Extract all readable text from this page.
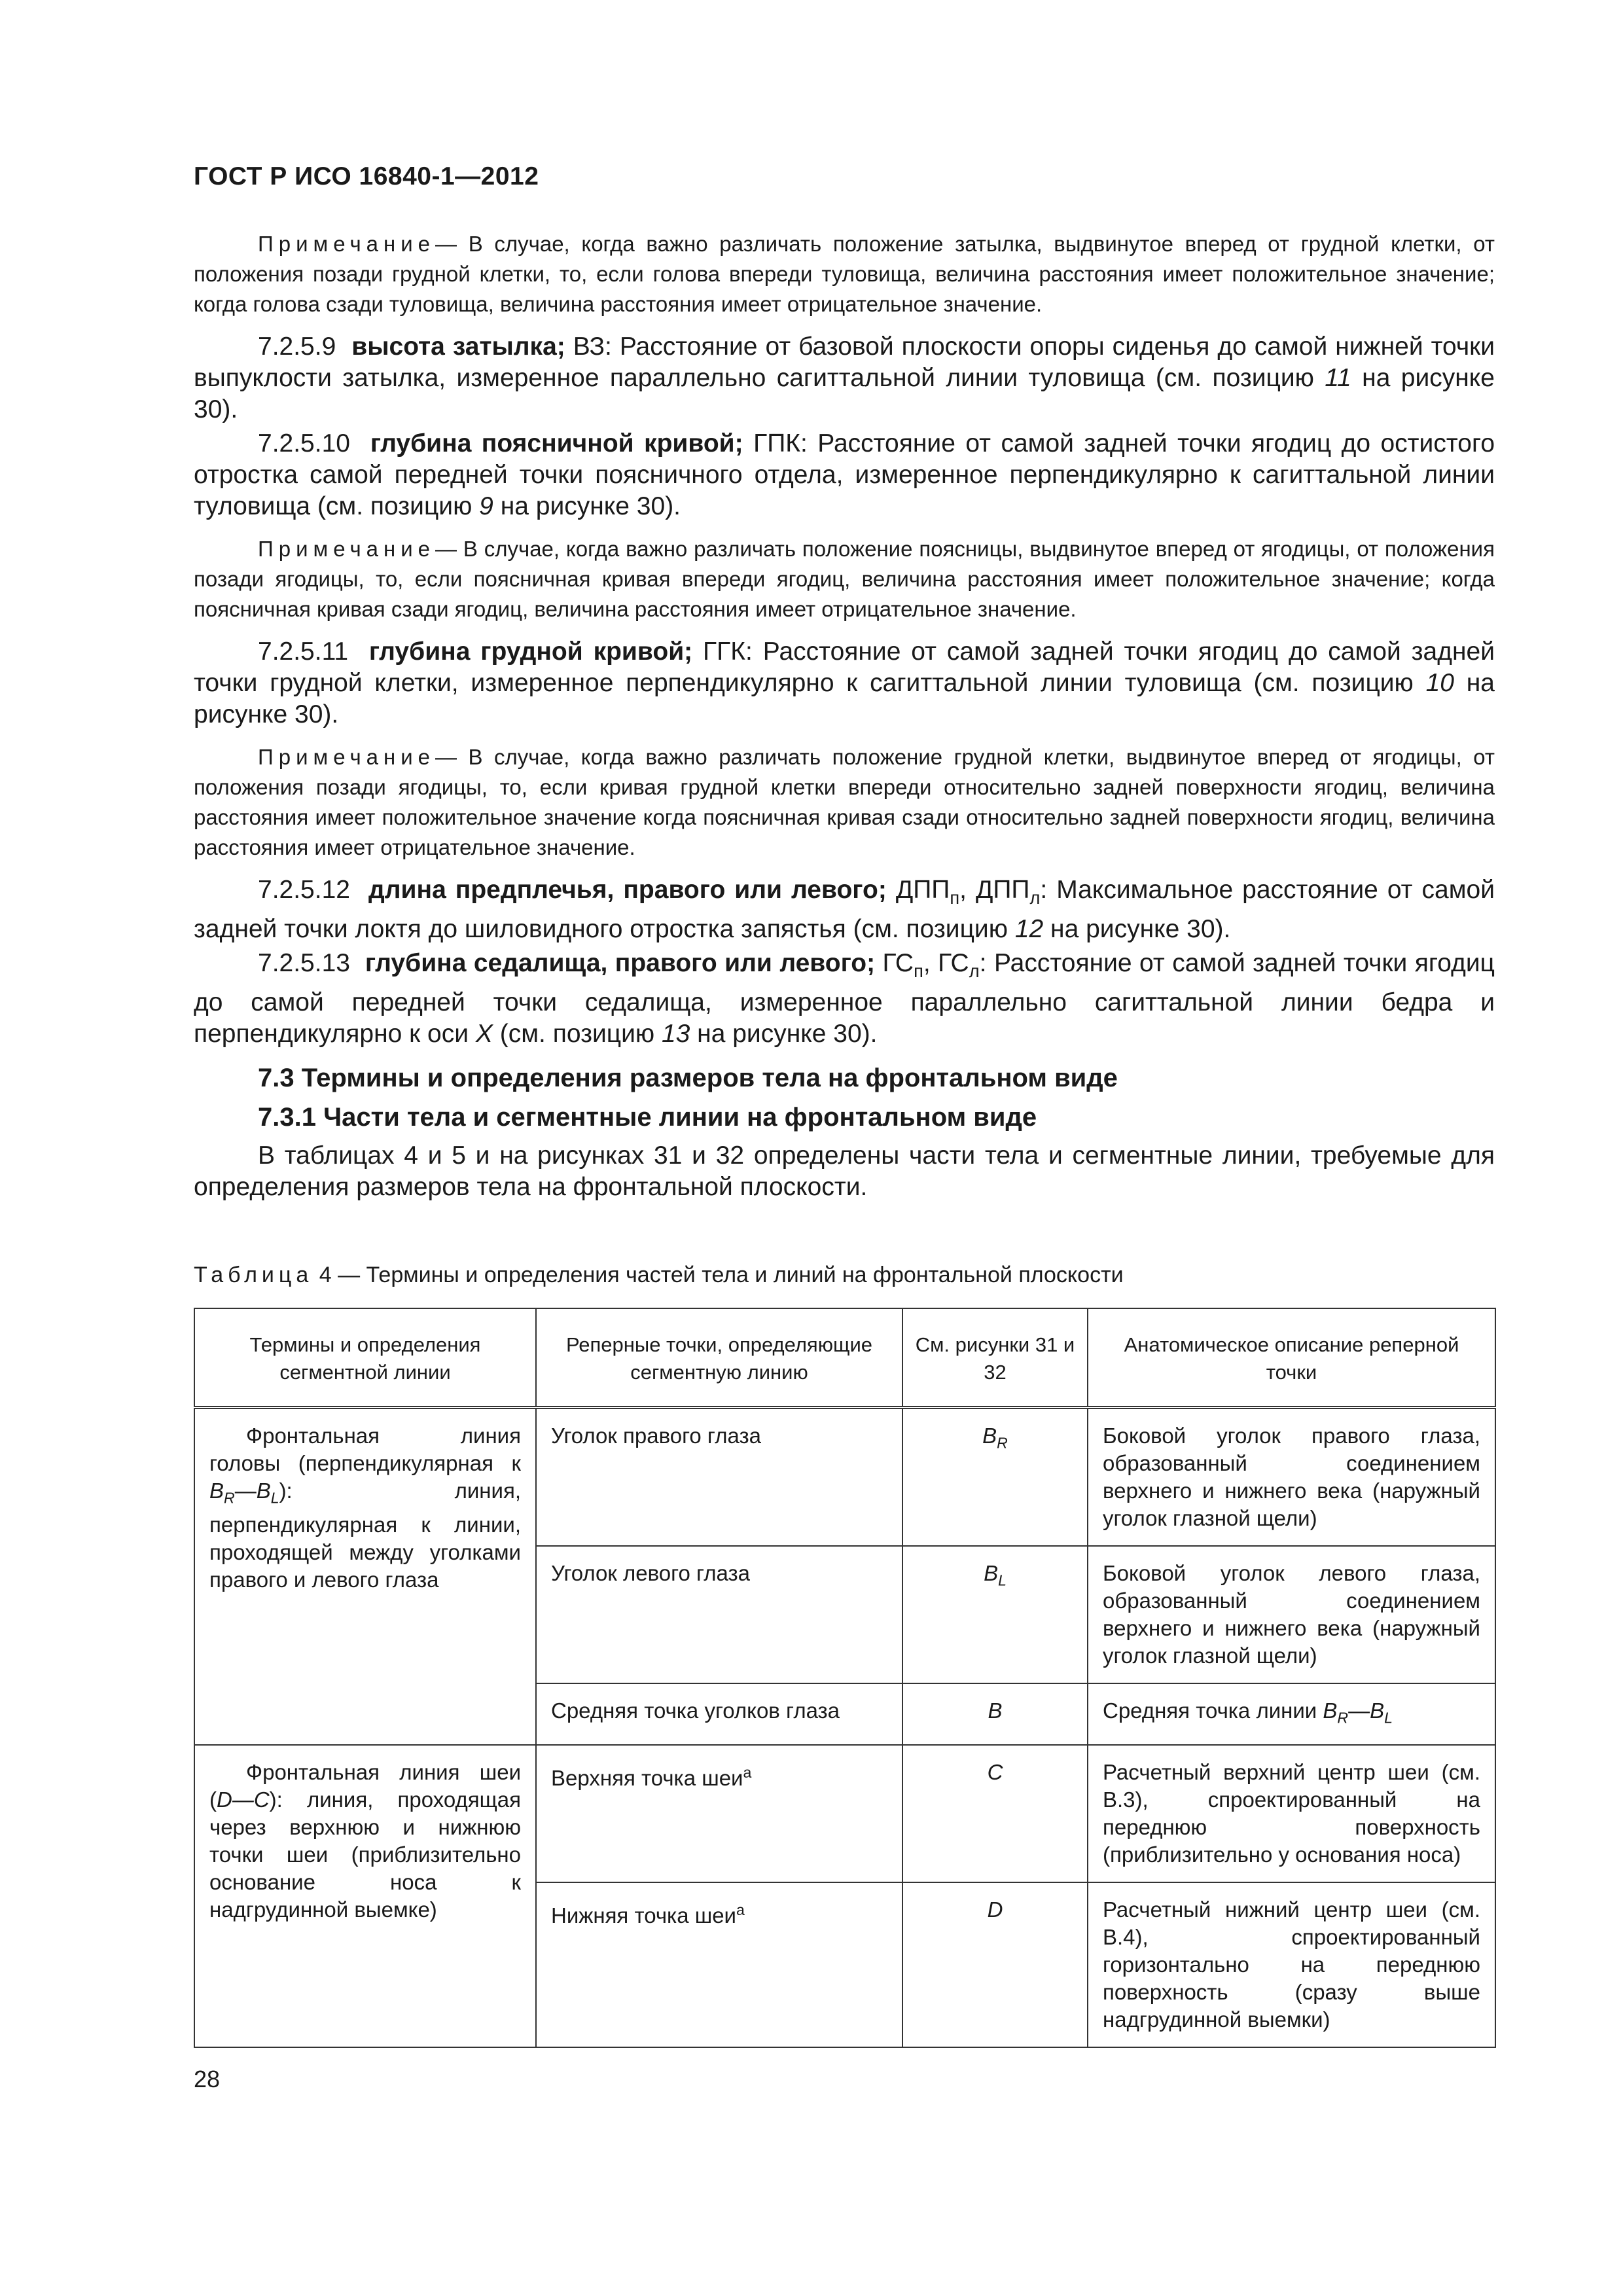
ГОСТ Р ИСО 16840-1—2012

Примечание— В случае, когда важно различать положение затылка, выдвинутое вперед от грудной клетки, от положения позади грудной клетки, то, если голова впереди туловища, величина расстояния имеет положительное значение; когда голова сзади туловища, величина расстояния имеет отрицательное значение.

7.2.5.9 высота затылка; ВЗ: Расстояние от базовой плоскости опоры сиденья до самой нижней точки выпуклости затылка, измеренное параллельно сагиттальной линии туловища (см. позицию 11 на рисунке 30).

7.2.5.10 глубина поясничной кривой; ГПК: Расстояние от самой задней точки ягодиц до остистого отростка самой передней точки поясничного отдела, измеренное перпендикулярно к сагиттальной линии туловища (см. позицию 9 на рисунке 30).

Примечание— В случае, когда важно различать положение поясницы, выдвинутое вперед от ягодицы, от положения позади ягодицы, то, если поясничная кривая впереди ягодиц, величина расстояния имеет положительное значение; когда поясничная кривая сзади ягодиц, величина расстояния имеет отрицательное значение.

7.2.5.11 глубина грудной кривой; ГГК: Расстояние от самой задней точки ягодиц до самой задней точки грудной клетки, измеренное перпендикулярно к сагиттальной линии туловища (см. позицию 10 на рисунке 30).

Примечание— В случае, когда важно различать положение грудной клетки, выдвинутое вперед от ягодицы, от положения позади ягодицы, то, если кривая грудной клетки впереди относительно задней поверхности ягодиц, величина расстояния имеет положительное значение когда поясничная кривая сзади относительно задней поверхности ягодиц, величина расстояния имеет отрицательное значение.

7.2.5.12 длина предплечья, правого или левого; $ДПП_п$, $ДПП_л$: Максимальное расстояние от самой задней точки локтя до шиловидного отростка запястья (см. позицию 12 на рисунке 30).

7.2.5.13 глубина седалища, правого или левого; $ГС_п$, $ГС_л$: Расстояние от самой задней точки ягодиц до самой передней точки седалища, измеренное параллельно сагиттальной линии бедра и перпендикулярно к оси X (см. позицию 13 на рисунке 30).

7.3 Термины и определения размеров тела на фронтальном виде
7.3.1 Части тела и сегментные линии на фронтальном виде

В таблицах 4 и 5 и на рисунках 31 и 32 определены части тела и сегментные линии, требуемые для определения размеров тела на фронтальной плоскости.

Таблица 4 — Термины и определения частей тела и линий на фронтальной плоскости

Термины и определения сегментной линии	Реперные точки, определяющие сегментную линию	См. рисунки 31 и 32	Анатомическое описание реперной точки
Фронтальная линия головы (перпендикулярная к $B_R—B_L$): линия, перпендикулярная к линии, проходящей между уголками правого и левого глаза	Уголок правого глаза	$B_R$	Боковой уголок правого глаза, образованный соединением верхнего и нижнего века (наружный уголок глазной щели)
	Уголок левого глаза	$B_L$	Боковой уголок левого глаза, образованный соединением верхнего и нижнего века (наружный уголок глазной щели)
	Средняя точка уголков глаза	B	Средняя точка линии $B_R—B_L$
Фронтальная линия шеи (D—C): линия, проходящая через верхнюю и нижнюю точки шеи (приблизительно основание носа к надгрудинной выемке)	Верхняя точка шеи$^a$	C	Расчетный верхний центр шеи (см. B.3), спроектированный на переднюю поверхность (приблизительно у основания носа)
	Нижняя точка шеи$^a$	D	Расчетный нижний центр шеи (см. B.4), спроектированный горизонтально на переднюю поверхность (сразу выше надгрудинной выемки)
28
